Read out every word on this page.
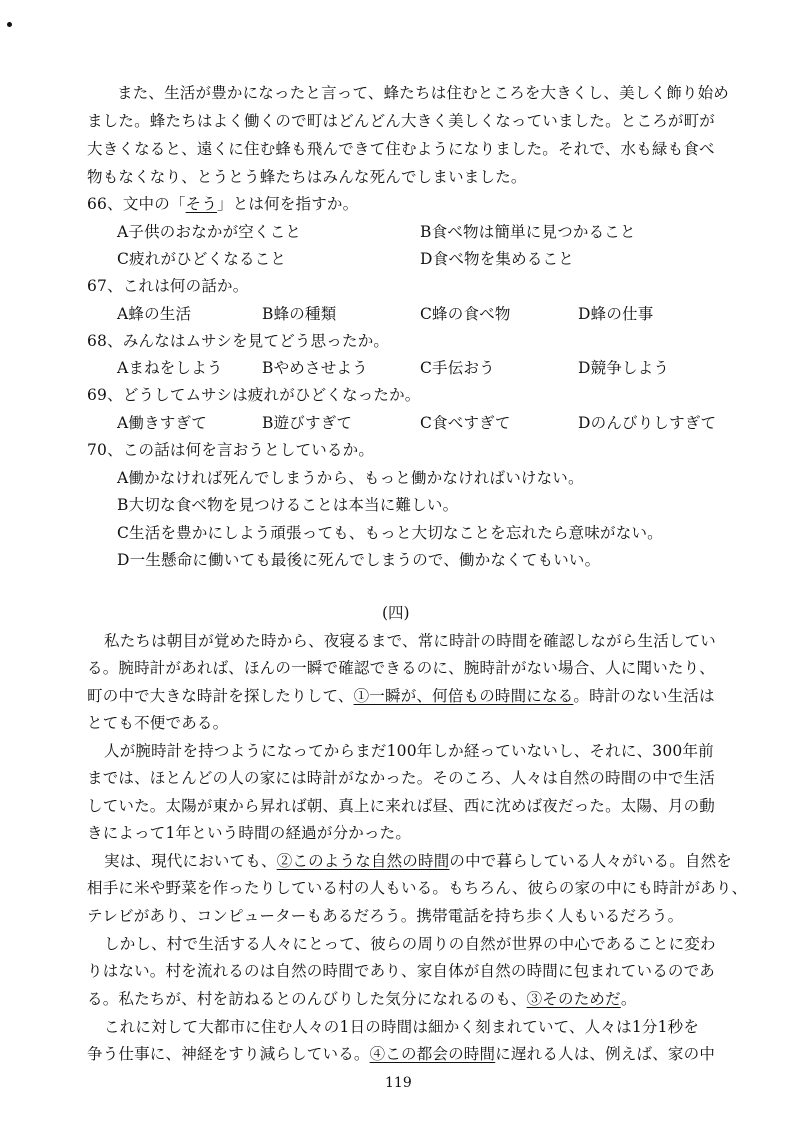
また、生活が豊かになったと言って、蜂たちは住むところを大きくし、美しく飾り始め
ました。蜂たちはよく働くので町はどんどん大きく美しくなっていました。ところが町が
大きくなると、遠くに住む蜂も飛んできて住むようになりました。それで、水も緑も食べ
物もなくなり、とうとう蜂たちはみんな死んでしまいました。
66、文中の「そう」とは何を指すか。
A子供のおなかが空くこと	B食べ物は簡単に見つかること
C疲れがひどくなること	D食べ物を集めること
67、これは何の話か。
A蜂の生活	B蜂の種類	C蜂の食べ物	D蜂の仕事
68、みんなはムサシを見てどう思ったか。
Aまねをしよう	Bやめさせよう	C手伝おう	D競争しよう
69、どうしてムサシは疲れがひどくなったか。
A働きすぎて	B遊びすぎて	C食べすぎて	Dのんびりしすぎて
70、この話は何を言おうとしているか。
A働かなければ死んでしまうから、もっと働かなければいけない。
B大切な食べ物を見つけることは本当に難しい。
C生活を豊かにしよう頑張っても、もっと大切なことを忘れたら意味がない。
D一生懸命に働いても最後に死んでしまうので、働かなくてもいい。
(四)
私たちは朝目が覚めた時から、夜寝るまで、常に時計の時間を確認しながら生活してい
る。腕時計があれば、ほんの一瞬で確認できるのに、腕時計がない場合、人に聞いたり、
町の中で大きな時計を探したりして、①一瞬が、何倍もの時間になる。時計のない生活は
とても不便である。
人が腕時計を持つようになってからまだ100年しか経っていないし、それに、300年前
までは、ほとんどの人の家には時計がなかった。そのころ、人々は自然の時間の中で生活
していた。太陽が東から昇れば朝、真上に来れば昼、西に沈めば夜だった。太陽、月の動
きによって1年という時間の経過が分かった。
実は、現代においても、②このような自然の時間の中で暮らしている人々がいる。自然を
相手に米や野菜を作ったりしている村の人もいる。もちろん、彼らの家の中にも時計があり、
テレビがあり、コンピューターもあるだろう。携帯電話を持ち歩く人もいるだろう。
しかし、村で生活する人々にとって、彼らの周りの自然が世界の中心であることに変わ
りはない。村を流れるのは自然の時間であり、家自体が自然の時間に包まれているのであ
る。私たちが、村を訪ねるとのんびりした気分になれるのも、③そのためだ。
これに対して大都市に住む人々の1日の時間は細かく刻まれていて、人々は1分1秒を
争う仕事に、神経をすり減らしている。④この都会の時間に遅れる人は、例えば、家の中
119
